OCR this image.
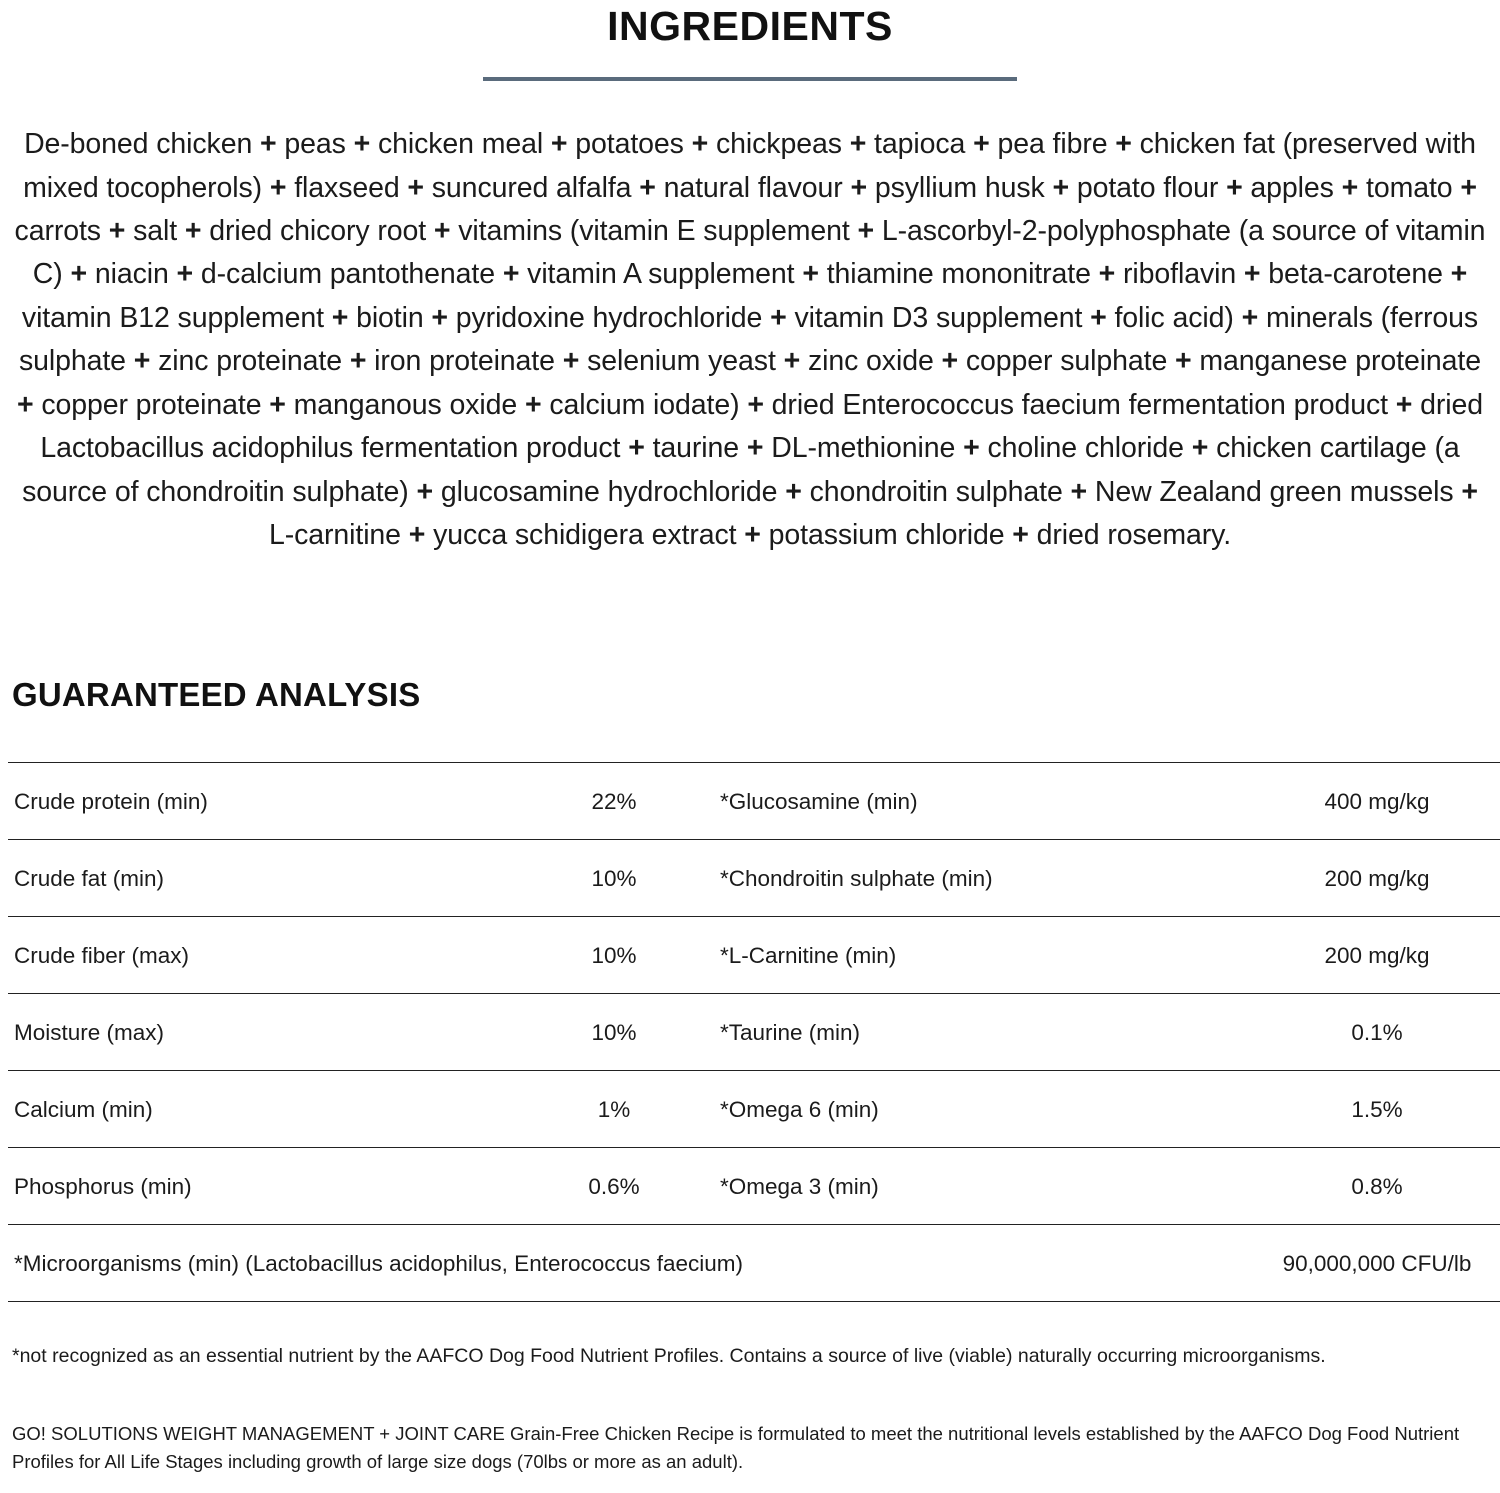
INGREDIENTS

De-boned chicken + peas + chicken meal + potatoes + chickpeas + tapioca + pea fibre + chicken fat (preserved with mixed tocopherols) + flaxseed + suncured alfalfa + natural flavour + psyllium husk + potato flour + apples + tomato + carrots + salt + dried chicory root + vitamins (vitamin E supplement + L-ascorbyl-2-polyphosphate (a source of vitamin C) + niacin + d-calcium pantothenate + vitamin A supplement + thiamine mononitrate + riboflavin + beta-carotene + vitamin B12 supplement + biotin + pyridoxine hydrochloride + vitamin D3 supplement + folic acid) + minerals (ferrous sulphate + zinc proteinate + iron proteinate + selenium yeast + zinc oxide + copper sulphate + manganese proteinate + copper proteinate + manganous oxide + calcium iodate) + dried Enterococcus faecium fermentation product + dried Lactobacillus acidophilus fermentation product + taurine + DL-methionine + choline chloride + chicken cartilage (a source of chondroitin sulphate) + glucosamine hydrochloride + chondroitin sulphate + New Zealand green mussels + L-carnitine + yucca schidigera extract + potassium chloride + dried rosemary.

GUARANTEED ANALYSIS
Crude protein (min)	22%	*Glucosamine (min)	400 mg/kg
Crude fat (min)	10%	*Chondroitin sulphate (min)	200 mg/kg
Crude fiber (max)	10%	*L-Carnitine (min)	200 mg/kg
Moisture (max)	10%	*Taurine (min)	0.1%
Calcium (min)	1%	*Omega 6 (min)	1.5%
Phosphorus (min)	0.6%	*Omega 3 (min)	0.8%
*Microorganisms (min) (Lactobacillus acidophilus, Enterococcus faecium)			90,000,000 CFU/lb

*not recognized as an essential nutrient by the AAFCO Dog Food Nutrient Profiles. Contains a source of live (viable) naturally occurring microorganisms.

GO! SOLUTIONS WEIGHT MANAGEMENT + JOINT CARE Grain-Free Chicken Recipe is formulated to meet the nutritional levels established by the AAFCO Dog Food Nutrient Profiles for All Life Stages including growth of large size dogs (70lbs or more as an adult).
